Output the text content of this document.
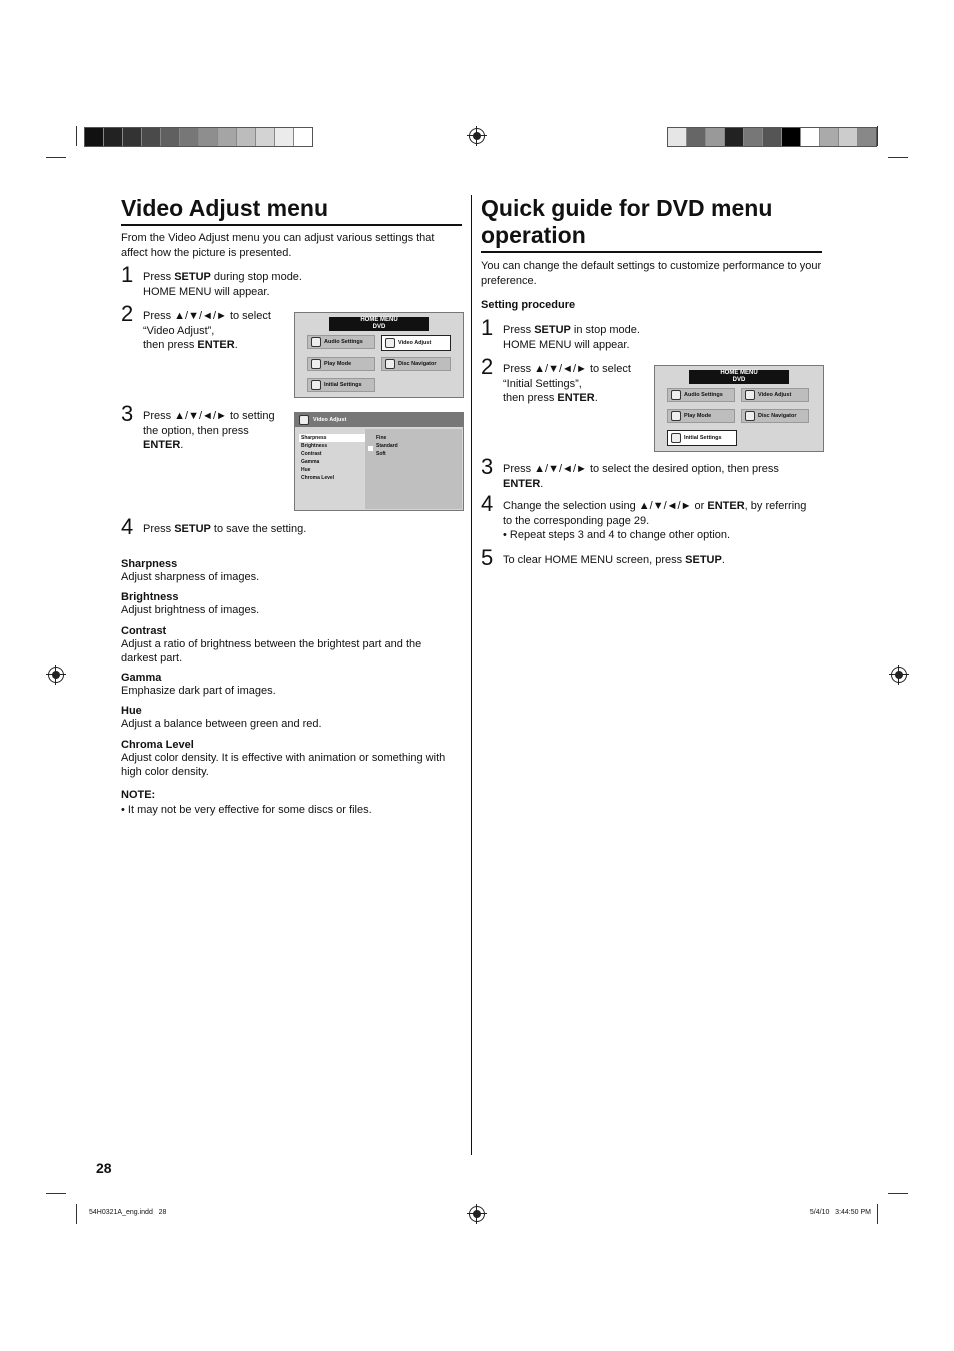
Video Adjust menu

From the Video Adjust menu you can adjust various settings that affect how the picture is presented.

1 Press SETUP during stop mode.
HOME MENU will appear.
2 Press ▲/▼/◄/► to select
“Video Adjust”,
then press ENTER.
HOME MENU
DVD
Audio Settings	Video Adjust
Play Mode	Disc Navigator
Initial Settings
3 Press ▲/▼/◄/► to setting
the option, then press
ENTER.
Video Adjust
Sharpness
Brightness
Contrast
Gamma
Hue
Chroma Level
Fine
Standard
Soft
4 Press SETUP to save the setting.
Sharpness
Adjust sharpness of images.
Brightness
Adjust brightness of images.
Contrast
Adjust a ratio of brightness between the brightest part and the darkest part.
Gamma
Emphasize dark part of images.
Hue
Adjust a balance between green and red.
Chroma Level
Adjust color density. It is effective with animation or something with high color density.
NOTE:
• It may not be very effective for some discs or files.
Quick guide for DVD menu
operation

You can change the default settings to customize performance to your preference.

Setting procedure
1 Press SETUP in stop mode.
HOME MENU will appear.
2 Press ▲/▼/◄/► to select
“Initial Settings”,
then press ENTER.
HOME MENU
DVD
Audio Settings	Video Adjust
Play Mode	Disc Navigator
Initial Settings
3 Press ▲/▼/◄/► to select the desired option, then press
ENTER.
4 Change the selection using ▲/▼/◄/► or ENTER, by referring
to the corresponding page 29.
• Repeat steps 3 and 4 to change other option.
5 To clear HOME MENU screen, press SETUP.
28
54H0321A_eng.indd   28	5/4/10   3:44:50 PM
